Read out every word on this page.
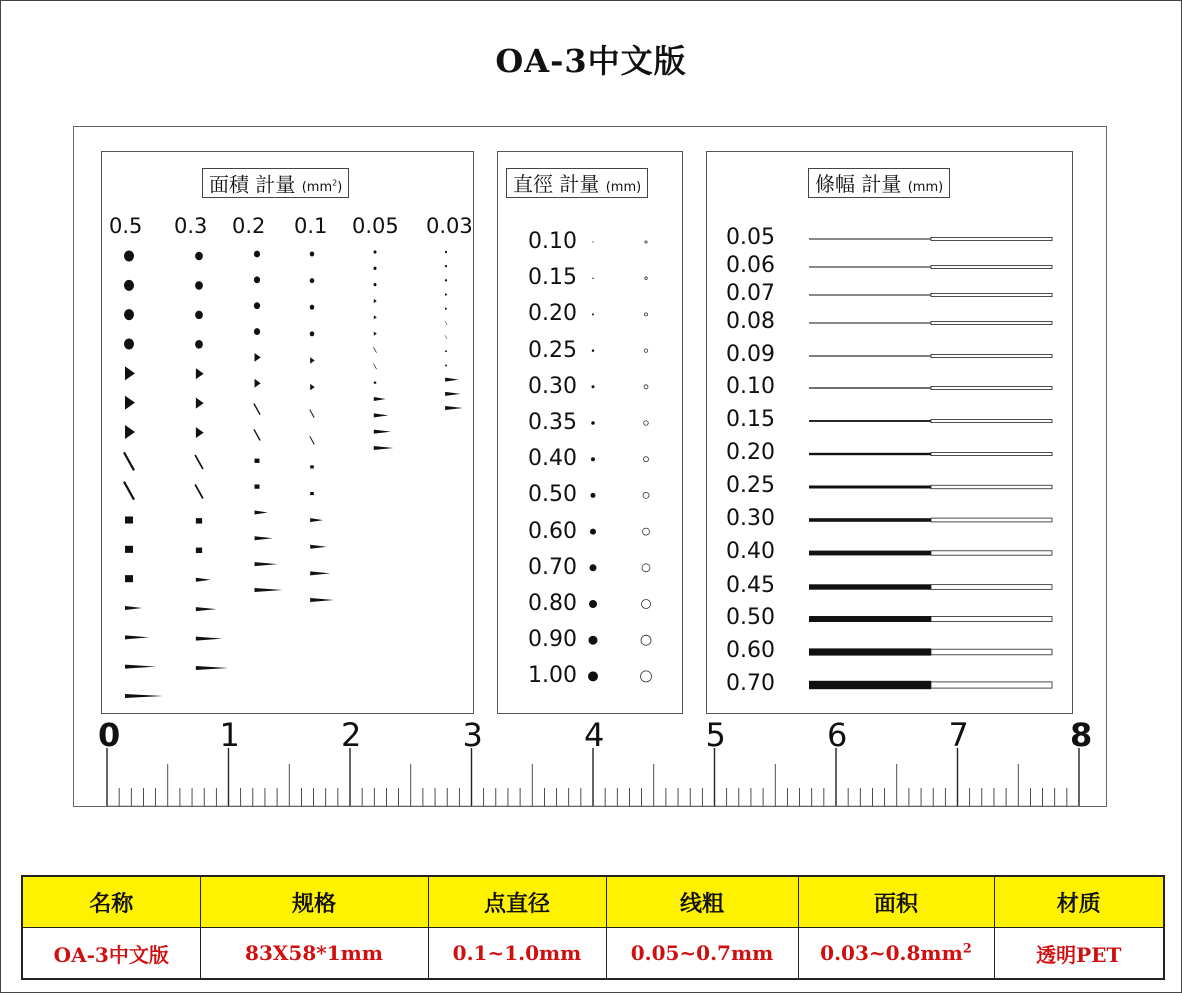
OA-3中文版
面積 計量 $(mm^2)$
0.5 0.3 0.2 0.1 0.05 0.03
直徑 計量 (mm)
0.10
0.15
0.20
0.25
0.30
0.35
0.40
0.50
0.60
0.70
0.80
0.90
1.00
條幅 計量 (mm)
0.05
0.06
0.07
0.08
0.09
0.10
0.15
0.20
0.25
0.30
0.40
0.45
0.50
0.60
0.70
0	1	2	3	4	5	6	7	8
名称	规格	点直径	线粗	面积	材质
OA-3中文版	83X58*1mm	0.1~1.0mm	0.05~0.7mm	$0.03\sim 0.8mm^2$	透明PET
